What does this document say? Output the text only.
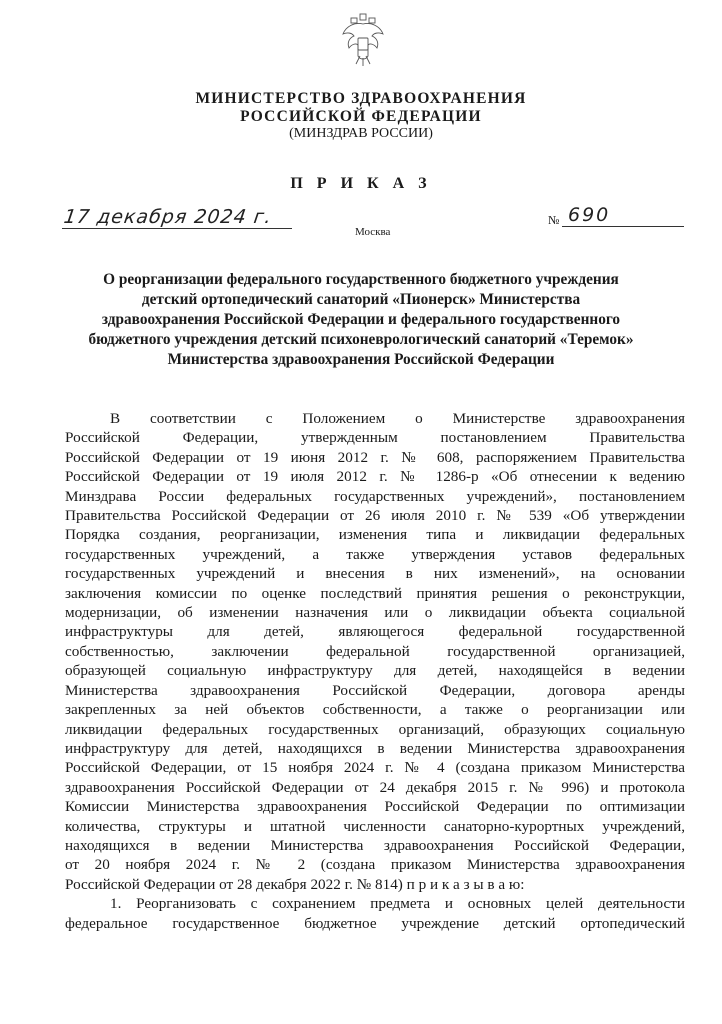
МИНИСТЕРСТВО ЗДРАВООХРАНЕНИЯ
РОССИЙСКОЙ ФЕДЕРАЦИИ
(МИНЗДРАВ РОССИИ)
П Р И К А З
17 декабря 2024 г.
Москва
№ 690
О реорганизации федерального государственного бюджетного учреждения
детский ортопедический санаторий «Пионерск» Министерства
здравоохранения Российской Федерации и федерального государственного
бюджетного учреждения детский психоневрологический санаторий «Теремок»
Министерства здравоохранения Российской Федерации
В соответствии с Положением о Министерстве здравоохранения
Российской Федерации, утвержденным постановлением Правительства
Российской Федерации от 19 июня 2012 г. № 608, распоряжением Правительства
Российской Федерации от 19 июля 2012 г. № 1286-р «Об отнесении к ведению
Минздрава России федеральных государственных учреждений», постановлением
Правительства Российской Федерации от 26 июля 2010 г. № 539 «Об утверждении
Порядка создания, реорганизации, изменения типа и ликвидации федеральных
государственных учреждений, а также утверждения уставов федеральных
государственных учреждений и внесения в них изменений», на основании
заключения комиссии по оценке последствий принятия решения о реконструкции,
модернизации, об изменении назначения или о ликвидации объекта социальной
инфраструктуры для детей, являющегося федеральной государственной
собственностью, заключении федеральной государственной организацией,
образующей социальную инфраструктуру для детей, находящейся в ведении
Министерства здравоохранения Российской Федерации, договора аренды
закрепленных за ней объектов собственности, а также о реорганизации или
ликвидации федеральных государственных организаций, образующих социальную
инфраструктуру для детей, находящихся в ведении Министерства здравоохранения
Российской Федерации, от 15 ноября 2024 г. № 4 (создана приказом Министерства
здравоохранения Российской Федерации от 24 декабря 2015 г. № 996) и протокола
Комиссии Министерства здравоохранения Российской Федерации по оптимизации
количества, структуры и штатной численности санаторно-курортных учреждений,
находящихся в ведении Министерства здравоохранения Российской Федерации,
от 20 ноября 2024 г. № 2 (создана приказом Министерства здравоохранения
Российской Федерации от 28 декабря 2022 г. № 814) п р и к а з ы в а ю:
1. Реорганизовать с сохранением предмета и основных целей деятельности
федеральное государственное бюджетное учреждение детский ортопедический
